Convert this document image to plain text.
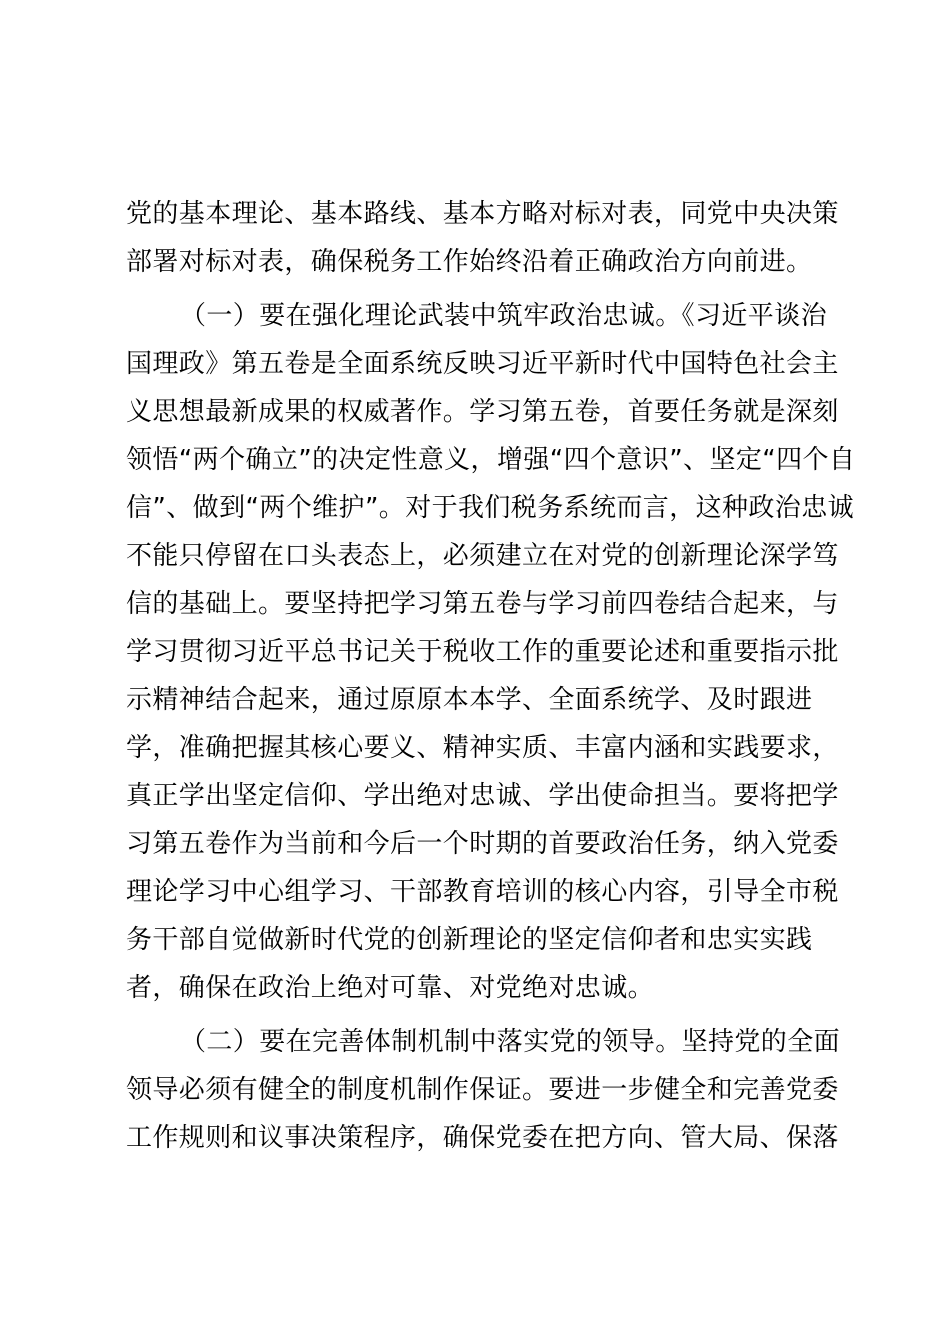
党的基本理论、基本路线、基本方略对标对表，同党中央决策
部署对标对表，确保税务工作始终沿着正确政治方向前进。
（一）要在强化理论武装中筑牢政治忠诚。《习近平谈治
国理政》第五卷是全面系统反映习近平新时代中国特色社会主
义思想最新成果的权威著作。学习第五卷，首要任务就是深刻
领悟“两个确立”的决定性意义，增强“四个意识”、坚定“四个自
信”、做到“两个维护”。对于我们税务系统而言，这种政治忠诚
不能只停留在口头表态上，必须建立在对党的创新理论深学笃
信的基础上。要坚持把学习第五卷与学习前四卷结合起来，与
学习贯彻习近平总书记关于税收工作的重要论述和重要指示批
示精神结合起来，通过原原本本学、全面系统学、及时跟进
学，准确把握其核心要义、精神实质、丰富内涵和实践要求，
真正学出坚定信仰、学出绝对忠诚、学出使命担当。要将把学
习第五卷作为当前和今后一个时期的首要政治任务，纳入党委
理论学习中心组学习、干部教育培训的核心内容，引导全市税
务干部自觉做新时代党的创新理论的坚定信仰者和忠实实践
者，确保在政治上绝对可靠、对党绝对忠诚。
（二）要在完善体制机制中落实党的领导。坚持党的全面
领导必须有健全的制度机制作保证。要进一步健全和完善党委
工作规则和议事决策程序，确保党委在把方向、管大局、保落
